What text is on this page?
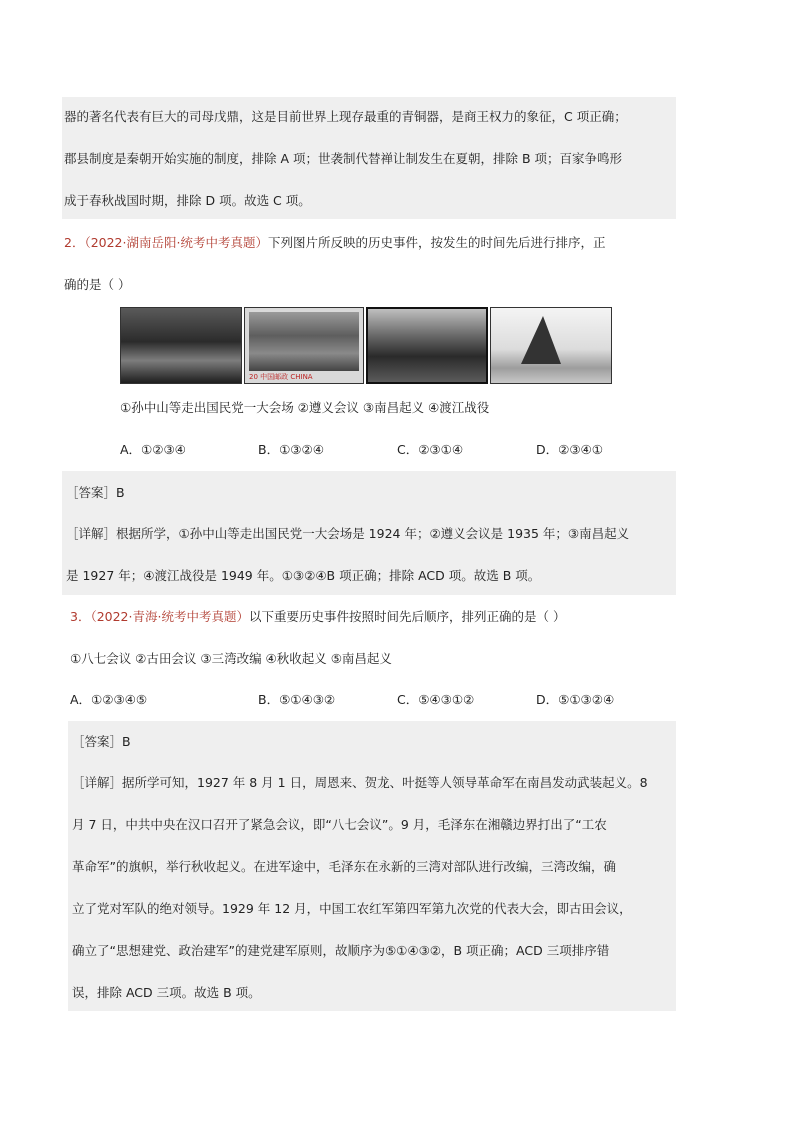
器的著名代表有巨大的司母戊鼎，这是目前世界上现存最重的青铜器，是商王权力的象征，C 项正确；
郡县制度是秦朝开始实施的制度，排除 A 项；世袭制代替禅让制发生在夏朝，排除 B 项；百家争鸣形
成于春秋战国时期，排除 D 项。故选 C 项。
2．（2022·湖南岳阳·统考中考真题）下列图片所反映的历史事件，按发生的时间先后进行排序，正
确的是（ ）
20 中国邮政 CHINA
①孙中山等走出国民党一大会场 ②遵义会议 ③南昌起义 ④渡江战役
A．①②③④	B．①③②④	C．②③①④	D．②③④①
［答案］B
［详解］根据所学，①孙中山等走出国民党一大会场是 1924 年；②遵义会议是 1935 年；③南昌起义
是 1927 年；④渡江战役是 1949 年。①③②④B 项正确；排除 ACD 项。故选 B 项。
3．（2022·青海·统考中考真题）以下重要历史事件按照时间先后顺序，排列正确的是（ ）
①八七会议 ②古田会议 ③三湾改编 ④秋收起义 ⑤南昌起义
A．①②③④⑤	B．⑤①④③②	C．⑤④③①②	D．⑤①③②④
［答案］B
［详解］据所学可知，1927 年 8 月 1 日，周恩来、贺龙、叶挺等人领导革命军在南昌发动武装起义。8
月 7 日，中共中央在汉口召开了紧急会议，即“八七会议”。9 月，毛泽东在湘赣边界打出了“工农
革命军”的旗帜，举行秋收起义。在进军途中，毛泽东在永新的三湾对部队进行改编，三湾改编，确
立了党对军队的绝对领导。1929 年 12 月，中国工农红军第四军第九次党的代表大会，即古田会议，
确立了“思想建党、政治建军”的建党建军原则，故顺序为⑤①④③②，B 项正确；ACD 三项排序错
误，排除 ACD 三项。故选 B 项。
